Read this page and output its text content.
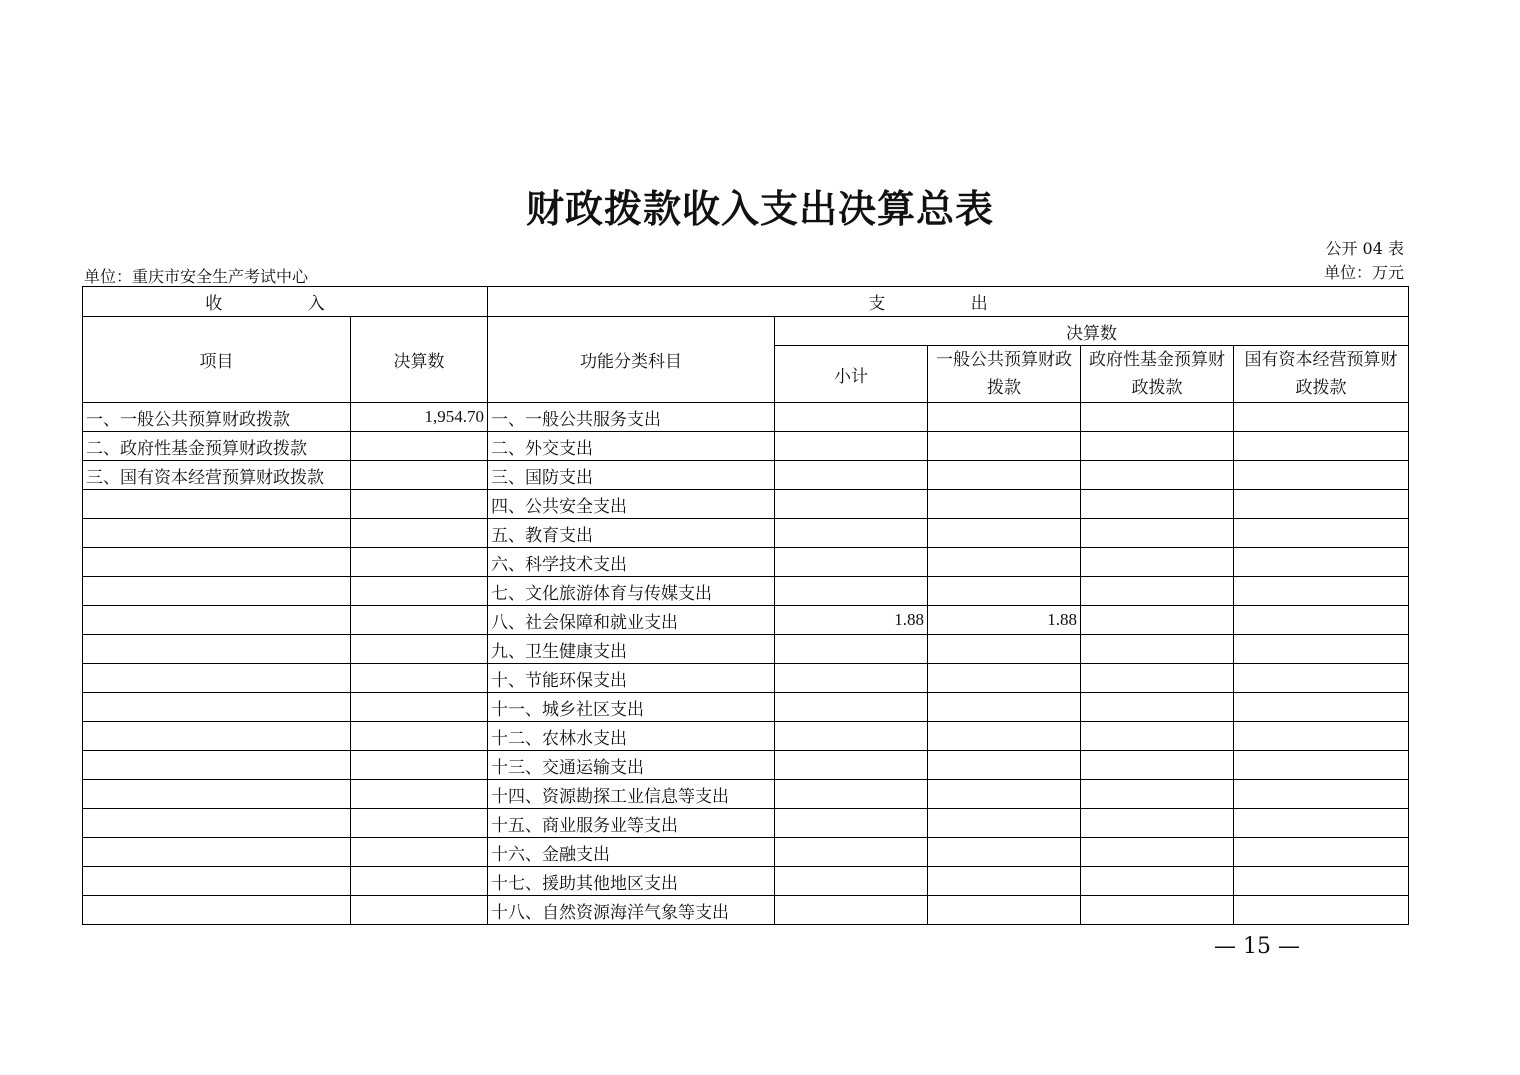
财政拨款收入支出决算总表
公开 04 表
单位：万元
单位：重庆市安全生产考试中心
收 入		支 出				
项目	决算数	功能分类科目	决算数			
			小计	一般公共预算财政拨款	政府性基金预算财政拨款	国有资本经营预算财政拨款
一、一般公共预算财政拨款	1,954.70	一、一般公共服务支出				
二、政府性基金预算财政拨款		二、外交支出				
三、国有资本经营预算财政拨款		三、国防支出				
		四、公共安全支出				
		五、教育支出				
		六、科学技术支出				
		七、文化旅游体育与传媒支出				
		八、社会保障和就业支出	1.88	1.88		
		九、卫生健康支出				
		十、节能环保支出				
		十一、城乡社区支出				
		十二、农林水支出				
		十三、交通运输支出				
		十四、资源勘探工业信息等支出				
		十五、商业服务业等支出				
		十六、金融支出				
		十七、援助其他地区支出				
		十八、自然资源海洋气象等支出				
— 15 —
